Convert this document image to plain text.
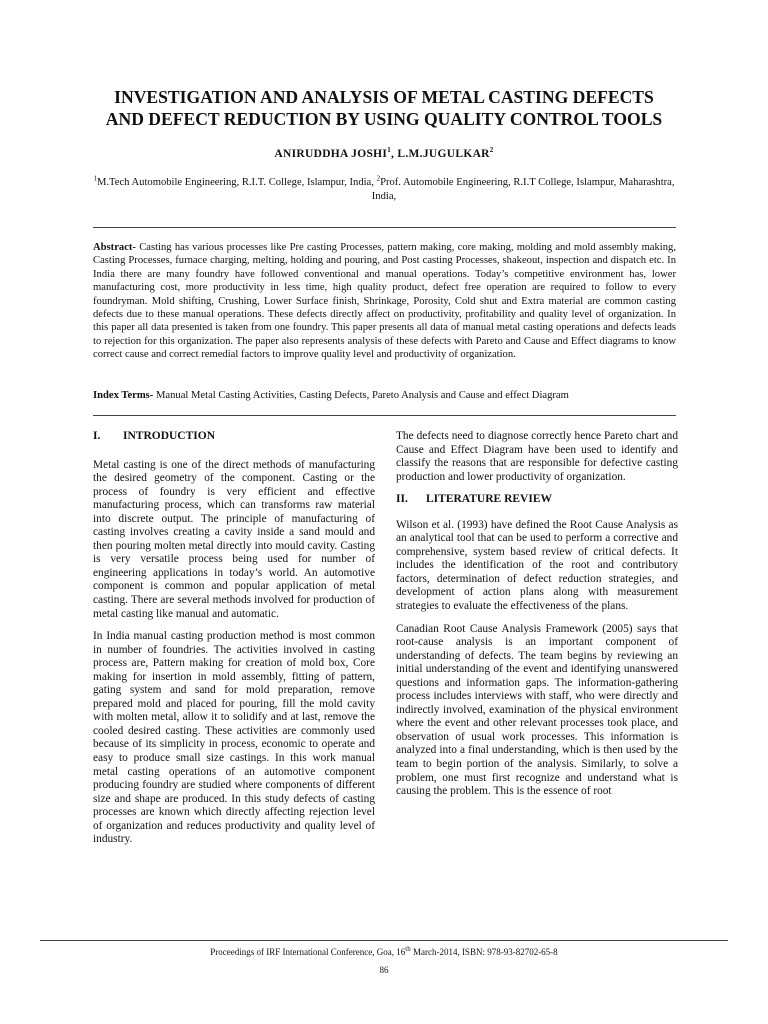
INVESTIGATION AND ANALYSIS OF METAL CASTING DEFECTS
AND DEFECT REDUCTION BY USING QUALITY CONTROL TOOLS
ANIRUDDHA JOSHI$^1$, L.M.JUGULKAR$^2$
$^1$M.Tech Automobile Engineering, R.I.T. College, Islampur, India, $^2$Prof. Automobile Engineering, R.I.T College, Islampur, Maharashtra, India,
Abstract- Casting has various processes like Pre casting Processes, pattern making, core making, molding and mold assembly making, Casting Processes, furnace charging, melting, holding and pouring, and Post casting Processes, shakeout, inspection and dispatch etc. In India there are many foundry have followed conventional and manual operations. Today’s competitive environment has, lower manufacturing cost, more productivity in less time, high quality product, defect free operation are required to follow to every foundryman. Mold shifting, Crushing, Lower Surface finish, Shrinkage, Porosity, Cold shut and Extra material are common casting defects due to these manual operations. These defects directly affect on productivity, profitability and quality level of organization. In this paper all data presented is taken from one foundry. This paper presents all data of manual metal casting operations and defects leads to rejection for this organization. The paper also represents analysis of these defects with Pareto and Cause and Effect diagrams to know correct cause and correct remedial factors to improve quality level and productivity of organization.
Index Terms- Manual Metal Casting Activities, Casting Defects, Pareto Analysis and Cause and effect Diagram
I.	INTRODUCTION

Metal casting is one of the direct methods of manufacturing the desired geometry of the component. Casting or the process of foundry is very efficient and effective manufacturing process, which can transforms raw material into discrete output. The principle of manufacturing of casting involves creating a cavity inside a sand mould and then pouring molten metal directly into mould cavity. Casting is very versatile process being used for number of engineering applications in today’s world. An automotive component is common and popular application of metal casting. There are several methods involved for production of metal casting like manual and automatic.

In India manual casting production method is most common in number of foundries. The activities involved in casting process are, Pattern making for creation of mold box, Core making for insertion in mold assembly, fitting of pattern, gating system and sand for mold preparation, remove prepared mold and placed for pouring, fill the mold cavity with molten metal, allow it to solidify and at last, remove the cooled desired casting. These activities are commonly used because of its simplicity in process, economic to operate and easy to produce small size castings. In this work manual metal casting operations of an automotive component producing foundry are studied where components of different size and shape are produced. In this study defects of casting processes are known which directly affecting rejection level of organization and reduces productivity and quality level of industry.

The defects need to diagnose correctly hence Pareto chart and Cause and Effect Diagram have been used to identify and classify the reasons that are responsible for defective casting production and lower productivity of organization.

II.	LITERATURE REVIEW

Wilson et al. (1993) have defined the Root Cause Analysis as an analytical tool that can be used to perform a corrective and comprehensive, system based review of critical defects. It includes the identification of the root and contributory factors, determination of defect reduction strategies, and development of action plans along with measurement strategies to evaluate the effectiveness of the plans.

Canadian Root Cause Analysis Framework (2005) says that root-cause analysis is an important component of understanding of defects. The team begins by reviewing an initial understanding of the event and identifying unanswered questions and information gaps. The information-gathering process includes interviews with staff, who were directly and indirectly involved, examination of the physical environment where the event and other relevant processes took place, and observation of usual work processes. This information is analyzed into a final understanding, which is then used by the team to begin portion of the analysis. Similarly, to solve a problem, one must first recognize and understand what is causing the problem. This is the essence of root

Proceedings of IRF International Conference, Goa, 16th March-2014, ISBN: 978-93-82702-65-8
86
